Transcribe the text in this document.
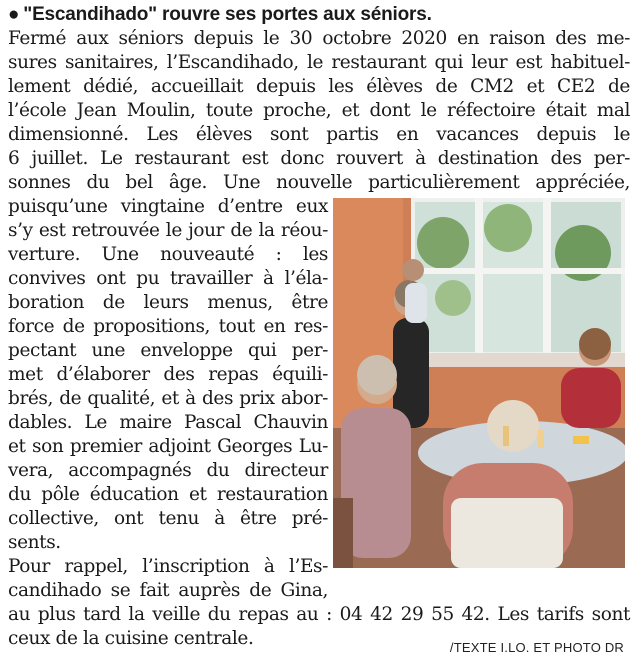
● "Escandihado" rouvre ses portes aux séniors.
Fermé aux séniors depuis le 30 octobre 2020 en raison des me-
sures sanitaires, l’Escandihado, le restaurant qui leur est habituel-
lement dédié, accueillait depuis les élèves de CM2 et CE2 de
l’école Jean Moulin, toute proche, et dont le réfectoire était mal
dimensionné. Les élèves sont partis en vacances depuis le
6 juillet. Le restaurant est donc rouvert à destination des per-
sonnes du bel âge. Une nouvelle particulièrement appréciée,
puisqu’une vingtaine d’entre eux
s’y est retrouvée le jour de la réou-
verture. Une nouveauté : les
convives ont pu travailler à l’éla-
boration de leurs menus, être
force de propositions, tout en res-
pectant une enveloppe qui per-
met d’élaborer des repas équili-
brés, de qualité, et à des prix abor-
dables. Le maire Pascal Chauvin
et son premier adjoint Georges Lu-
vera, accompagnés du directeur
du pôle éducation et restauration
collective, ont tenu à être pré-
sents.
Pour rappel, l’inscription à l’Es-
candihado se fait auprès de Gina,
au plus tard la veille du repas au : 04 42 29 55 42. Les tarifs sont
ceux de la cuisine centrale.	/TEXTE I.LO. ET PHOTO DR
